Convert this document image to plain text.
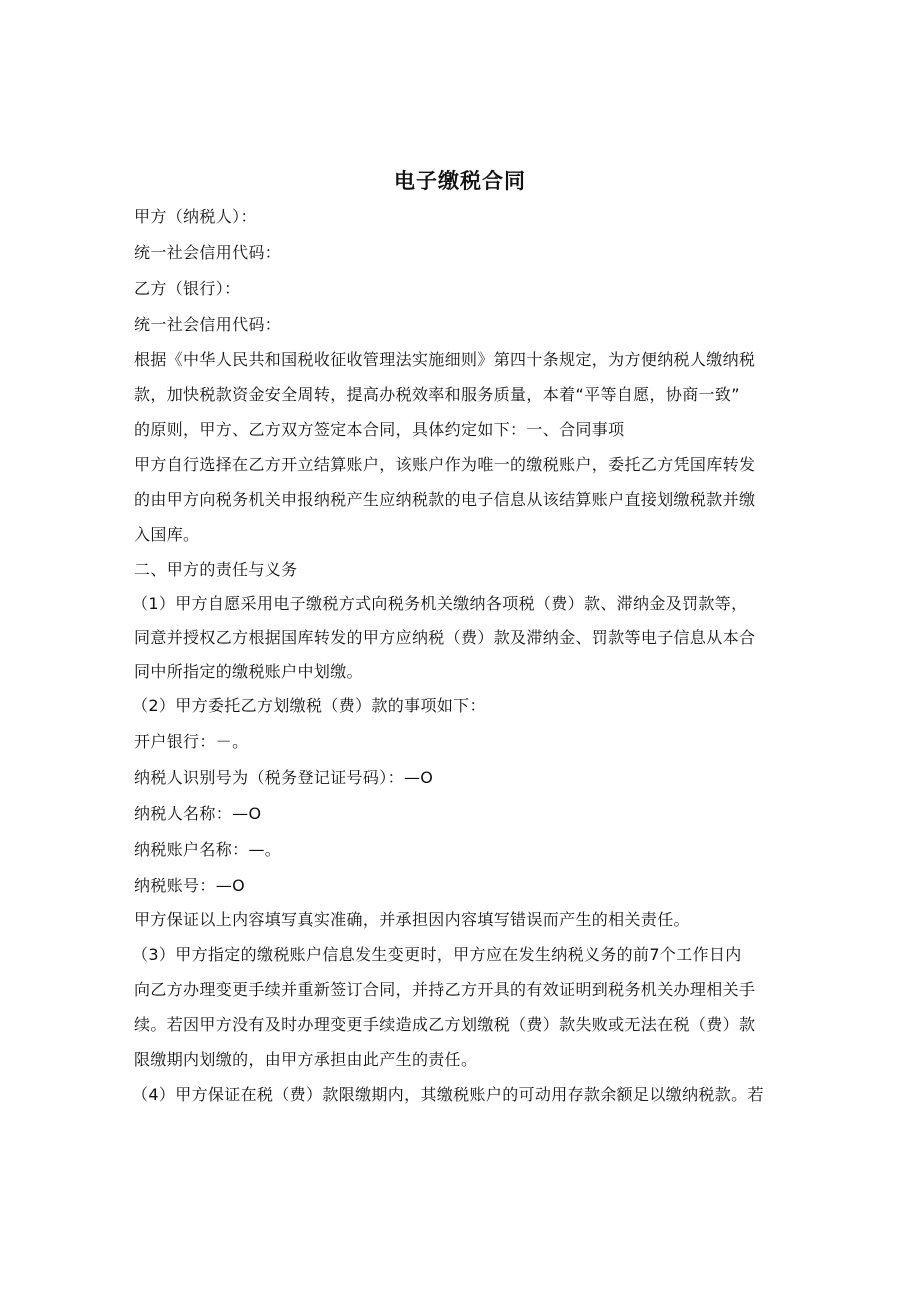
电子缴税合同
甲方（纳税人）：
统一社会信用代码：
乙方（银行）：
统一社会信用代码：
根据《中华人民共和国税收征收管理法实施细则》第四十条规定，为方便纳税人缴纳税
款，加快税款资金安全周转，提高办税效率和服务质量，本着“平等自愿，协商一致”
的原则，甲方、乙方双方签定本合同，具体约定如下：一、合同事项
甲方自行选择在乙方开立结算账户，该账户作为唯一的缴税账户，委托乙方凭国库转发
的由甲方向税务机关申报纳税产生应纳税款的电子信息从该结算账户直接划缴税款并缴
入国库。
二、甲方的责任与义务
（1）甲方自愿采用电子缴税方式向税务机关缴纳各项税（费）款、滞纳金及罚款等，
同意并授权乙方根据国库转发的甲方应纳税（费）款及滞纳金、罚款等电子信息从本合
同中所指定的缴税账户中划缴。
（2）甲方委托乙方划缴税（费）款的事项如下：
开户银行：－。
纳税人识别号为（税务登记证号码）：—O
纳税人名称：—O
纳税账户名称：—。
纳税账号：—O
甲方保证以上内容填写真实准确，并承担因内容填写错误而产生的相关责任。
（3）甲方指定的缴税账户信息发生变更时，甲方应在发生纳税义务的前7个工作日内
向乙方办理变更手续并重新签订合同，并持乙方开具的有效证明到税务机关办理相关手
续。若因甲方没有及时办理变更手续造成乙方划缴税（费）款失败或无法在税（费）款
限缴期内划缴的，由甲方承担由此产生的责任。
（4）甲方保证在税（费）款限缴期内，其缴税账户的可动用存款余额足以缴纳税款。若
